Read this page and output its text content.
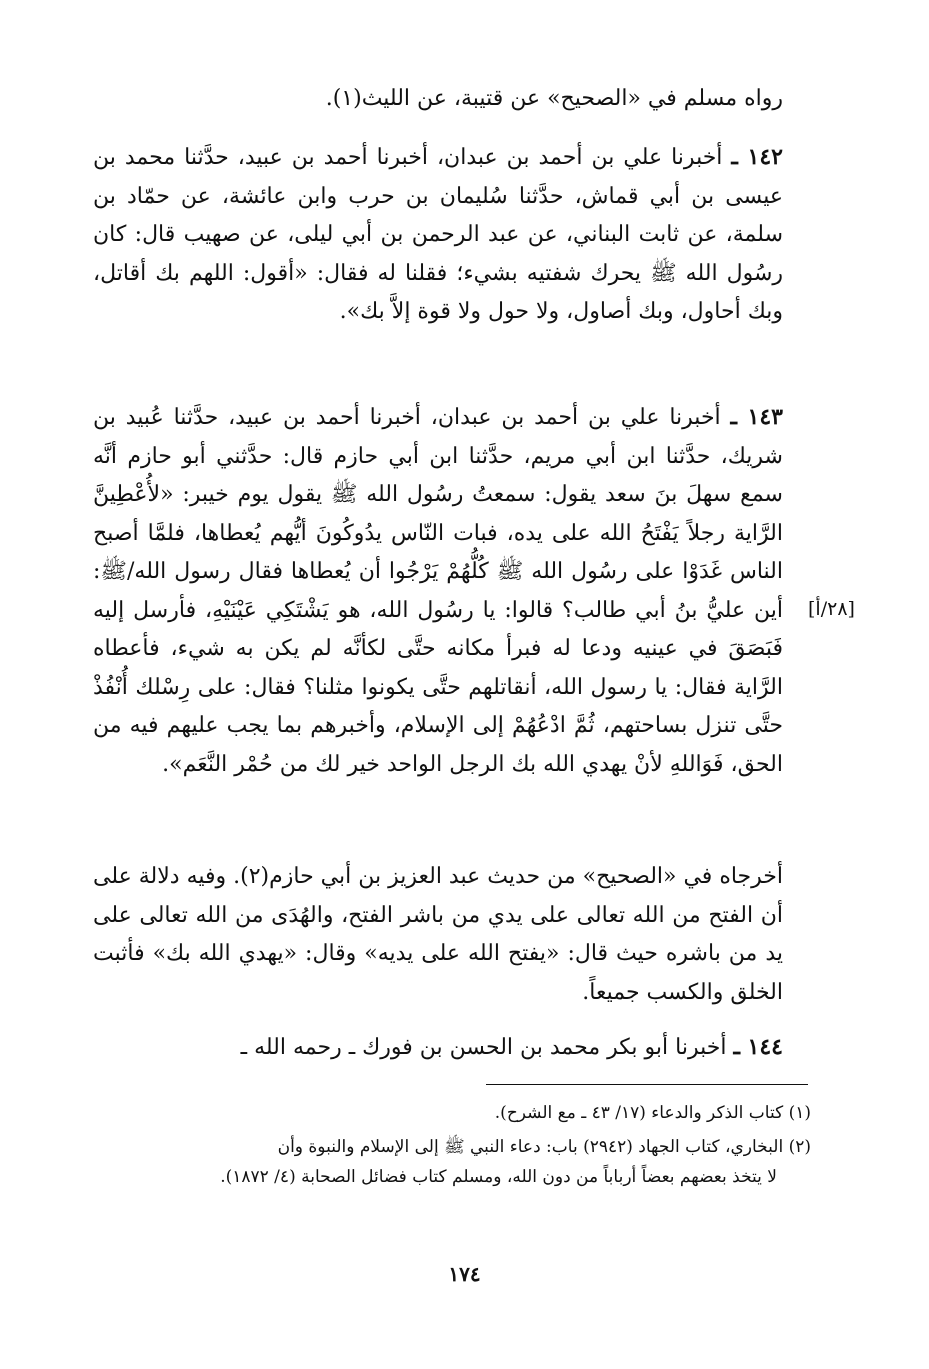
رواه مسلم في «الصحيح» عن قتيبة، عن الليث(١).
١٤٢ ـ أخبرنا علي بن أحمد بن عبدان، أخبرنا أحمد بن عبيد، حدَّثنا محمد بن عيسى بن أبي قماش، حدَّثنا سُليمان بن حرب وابن عائشة، عن حمّاد بن سلمة، عن ثابت البناني، عن عبد الرحمن بن أبي ليلى، عن صهيب قال: كان رسُول الله ﷺ يحرك شفتيه بشيء؛ فقلنا له فقال: «أقول: اللهم بك أقاتل، وبك أحاول، وبك أصاول، ولا حول ولا قوة إلاَّ بك».
١٤٣ ـ أخبرنا علي بن أحمد بن عبدان، أخبرنا أحمد بن عبيد، حدَّثنا عُبيد بن شريك، حدَّثنا ابن أبي مريم، حدَّثنا ابن أبي حازم قال: حدَّثني أبو حازم أنَّه سمع سهلَ بنَ سعد يقول: سمعتُ رسُول الله ﷺ يقول يوم خيبر: «لأُعْطِينَّ الرَّاية رجلاً يَفْتَحُ الله على يده، فبات النّاس يدُوكُونَ أيُّهم يُعطاها، فلمَّا أصبح الناس غَدَوْا على رسُول الله ﷺ كُلُّهُمْ يَرْجُوا أن يُعطاها فقال رسول الله/ﷺ: أين عليُّ بنُ أبي طالب؟ قالوا: يا رسُول الله، هو يَشْتَكِي عَيْنَيْهِ، فأرسل إليه فَبَصَقَ في عينيه ودعا له فبرأ مكانه حتَّى لكأنَّه لم يكن به شيء، فأعطاه الرَّاية فقال: يا رسول الله، أنقاتلهم حتَّى يكونوا مثلنا؟ فقال: على رِسْلك أُنْفُذْ حتَّى تنزل بساحتهم، ثُمَّ ادْعُهُمْ إلى الإسلام، وأخبرهم بما يجب عليهم فيه من الحق، فَوَاللهِ لأنْ يهدي الله بك الرجل الواحد خير لك من حُمْر النَّعَم».
[٢٨/أ]
أخرجاه في «الصحيح» من حديث عبد العزيز بن أبي حازم(٢). وفيه دلالة على أن الفتح من الله تعالى على يدي من باشر الفتح، والهُدَى من الله تعالى على يد من باشره حيث قال: «يفتح الله على يديه» وقال: «يهدي الله بك» فأثبت الخلق والكسب جميعاً.
١٤٤ ـ أخبرنا أبو بكر محمد بن الحسن بن فورك ـ رحمه الله ـ
(١) كتاب الذكر والدعاء (١٧/ ٤٣ ـ مع الشرح).
(٢) البخاري، كتاب الجهاد (٢٩٤٢) باب: دعاء النبي ﷺ إلى الإسلام والنبوة وأن
لا يتخذ بعضهم بعضاً أرباباً من دون الله، ومسلم كتاب فضائل الصحابة (٤/ ١٨٧٢).
١٧٤
